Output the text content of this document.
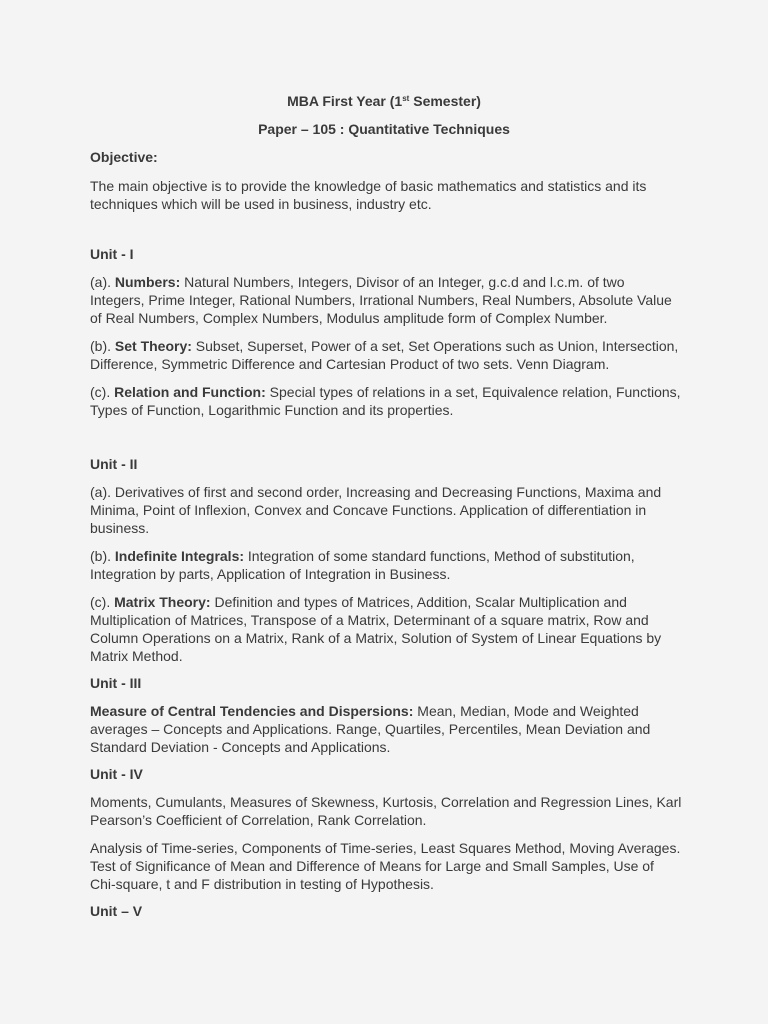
MBA First Year (1st Semester)
Paper – 105 : Quantitative Techniques
Objective:

The main objective is to provide the knowledge of basic mathematics and statistics and its techniques which will be used in business, industry etc.

Unit - I

(a). Numbers: Natural Numbers, Integers, Divisor of an Integer, g.c.d and l.c.m. of two Integers, Prime Integer, Rational Numbers, Irrational Numbers, Real Numbers, Absolute Value of Real Numbers, Complex Numbers, Modulus amplitude form of Complex Number.

(b). Set Theory: Subset, Superset, Power of a set, Set Operations such as Union, Intersection, Difference, Symmetric Difference and Cartesian Product of two sets. Venn Diagram.

(c). Relation and Function: Special types of relations in a set, Equivalence relation, Functions, Types of Function, Logarithmic Function and its properties.

Unit - II

(a). Derivatives of first and second order, Increasing and Decreasing Functions, Maxima and Minima, Point of Inflexion, Convex and Concave Functions. Application of differentiation in business.

(b). Indefinite Integrals: Integration of some standard functions, Method of substitution, Integration by parts, Application of Integration in Business.

(c). Matrix Theory: Definition and types of Matrices, Addition, Scalar Multiplication and Multiplication of Matrices, Transpose of a Matrix, Determinant of a square matrix, Row and Column Operations on a Matrix, Rank of a Matrix, Solution of System of Linear Equations by Matrix Method.

Unit - III

Measure of Central Tendencies and Dispersions: Mean, Median, Mode and Weighted averages – Concepts and Applications. Range, Quartiles, Percentiles, Mean Deviation and Standard Deviation - Concepts and Applications.

Unit - IV

Moments, Cumulants, Measures of Skewness, Kurtosis, Correlation and Regression Lines, Karl Pearson’s Coefficient of Correlation, Rank Correlation.

Analysis of Time-series, Components of Time-series, Least Squares Method, Moving Averages. Test of Significance of Mean and Difference of Means for Large and Small Samples, Use of Chi-square, t and F distribution in testing of Hypothesis.

Unit – V
